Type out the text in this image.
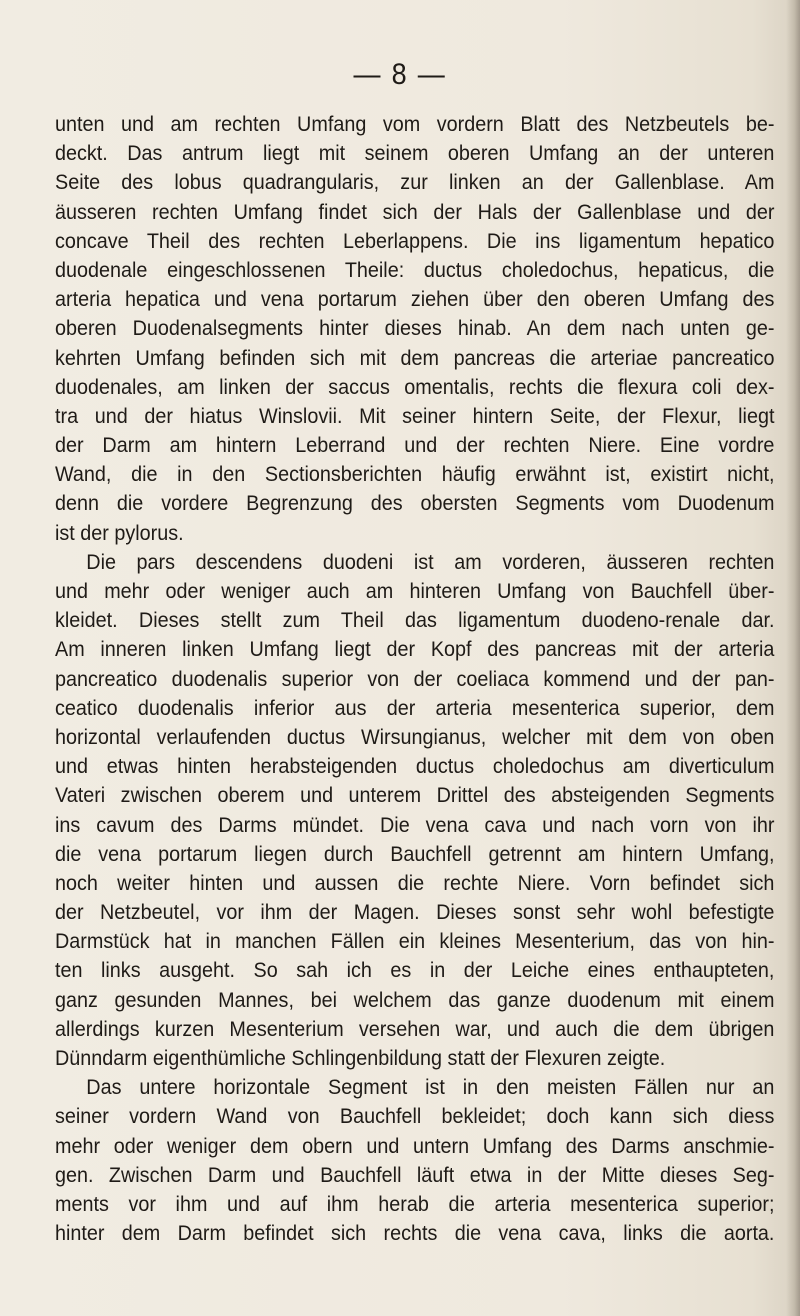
— 8 —
unten und am rechten Umfang vom vordern Blatt des Netzbeutels be-
deckt. Das antrum liegt mit seinem oberen Umfang an der unteren
Seite des lobus quadrangularis, zur linken an der Gallenblase. Am
äusseren rechten Umfang findet sich der Hals der Gallenblase und der
concave Theil des rechten Leberlappens. Die ins ligamentum hepatico
duodenale eingeschlossenen Theile: ductus choledochus, hepaticus, die
arteria hepatica und vena portarum ziehen über den oberen Umfang des
oberen Duodenalsegments hinter dieses hinab. An dem nach unten ge-
kehrten Umfang befinden sich mit dem pancreas die arteriae pancreatico
duodenales, am linken der saccus omentalis, rechts die flexura coli dex-
tra und der hiatus Winslovii. Mit seiner hintern Seite, der Flexur, liegt
der Darm am hintern Leberrand und der rechten Niere. Eine vordre
Wand, die in den Sectionsberichten häufig erwähnt ist, existirt nicht,
denn die vordere Begrenzung des obersten Segments vom Duodenum
ist der pylorus.
Die pars descendens duodeni ist am vorderen, äusseren rechten
und mehr oder weniger auch am hinteren Umfang von Bauchfell über-
kleidet. Dieses stellt zum Theil das ligamentum duodeno-renale dar.
Am inneren linken Umfang liegt der Kopf des pancreas mit der arteria
pancreatico duodenalis superior von der coeliaca kommend und der pan-
ceatico duodenalis inferior aus der arteria mesenterica superior, dem
horizontal verlaufenden ductus Wirsungianus, welcher mit dem von oben
und etwas hinten herabsteigenden ductus choledochus am diverticulum
Vateri zwischen oberem und unterem Drittel des absteigenden Segments
ins cavum des Darms mündet. Die vena cava und nach vorn von ihr
die vena portarum liegen durch Bauchfell getrennt am hintern Umfang,
noch weiter hinten und aussen die rechte Niere. Vorn befindet sich
der Netzbeutel, vor ihm der Magen. Dieses sonst sehr wohl befestigte
Darmstück hat in manchen Fällen ein kleines Mesenterium, das von hin-
ten links ausgeht. So sah ich es in der Leiche eines enthaupteten,
ganz gesunden Mannes, bei welchem das ganze duodenum mit einem
allerdings kurzen Mesenterium versehen war, und auch die dem übrigen
Dünndarm eigenthümliche Schlingenbildung statt der Flexuren zeigte.
Das untere horizontale Segment ist in den meisten Fällen nur an
seiner vordern Wand von Bauchfell bekleidet; doch kann sich diess
mehr oder weniger dem obern und untern Umfang des Darms anschmie-
gen. Zwischen Darm und Bauchfell läuft etwa in der Mitte dieses Seg-
ments vor ihm und auf ihm herab die arteria mesenterica superior;
hinter dem Darm befindet sich rechts die vena cava, links die aorta.
